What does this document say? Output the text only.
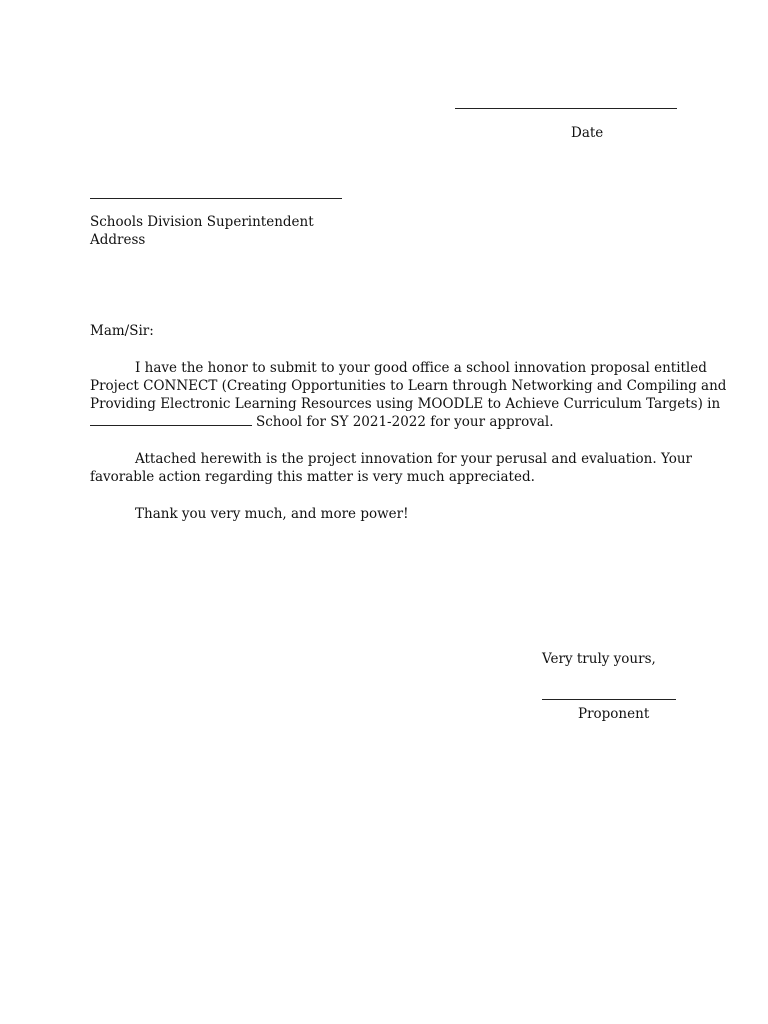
Date
Schools Division Superintendent
Address
Mam/Sir:
I have the honor to submit to your good office a school innovation proposal entitled
Project CONNECT (Creating Opportunities to Learn through Networking and Compiling and
Providing Electronic Learning Resources using MOODLE to Achieve Curriculum Targets) in
School for SY 2021-2022 for your approval.
Attached herewith is the project innovation for your perusal and evaluation. Your
favorable action regarding this matter is very much appreciated.
Thank you very much, and more power!
Very truly yours,
Proponent
